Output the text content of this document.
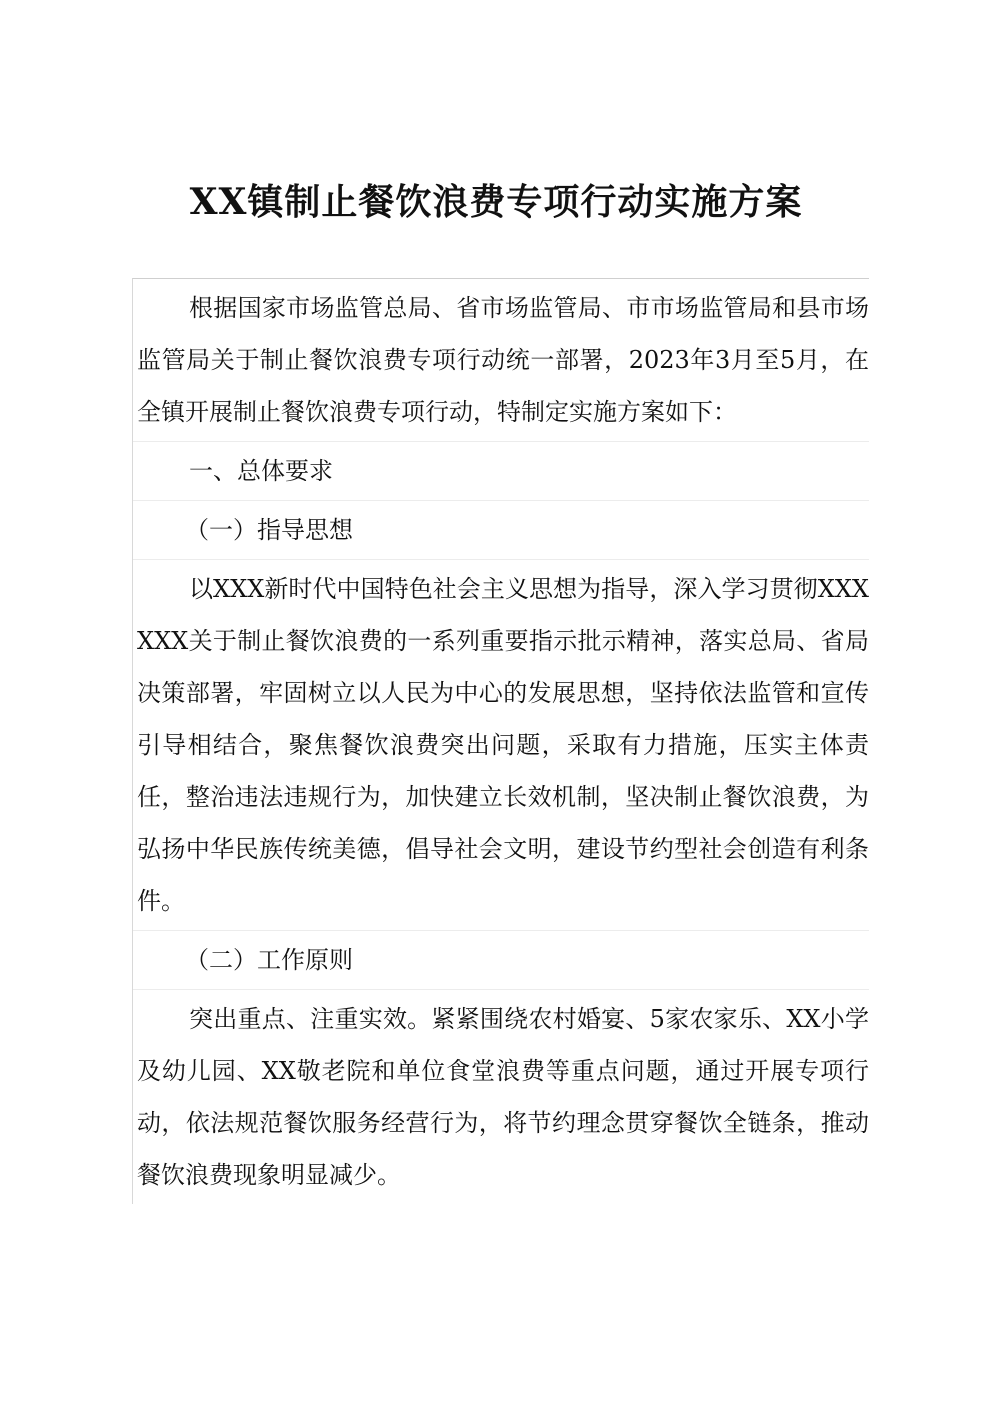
XX镇制止餐饮浪费专项行动实施方案

根据国家市场监管总局、省市场监管局、市市场监管局和县市场监管局关于制止餐饮浪费专项行动统一部署，2023年3月至5月，在全镇开展制止餐饮浪费专项行动，特制定实施方案如下：

一、总体要求

（一）指导思想

以XXX新时代中国特色社会主义思想为指导，深入学习贯彻XXXXXX关于制止餐饮浪费的一系列重要指示批示精神，落实总局、省局决策部署，牢固树立以人民为中心的发展思想，坚持依法监管和宣传引导相结合，聚焦餐饮浪费突出问题，采取有力措施，压实主体责任，整治违法违规行为，加快建立长效机制，坚决制止餐饮浪费，为弘扬中华民族传统美德，倡导社会文明，建设节约型社会创造有利条件。

（二）工作原则

突出重点、注重实效。紧紧围绕农村婚宴、5家农家乐、XX小学及幼儿园、XX敬老院和单位食堂浪费等重点问题，通过开展专项行动，依法规范餐饮服务经营行为，将节约理念贯穿餐饮全链条，推动餐饮浪费现象明显减少。
